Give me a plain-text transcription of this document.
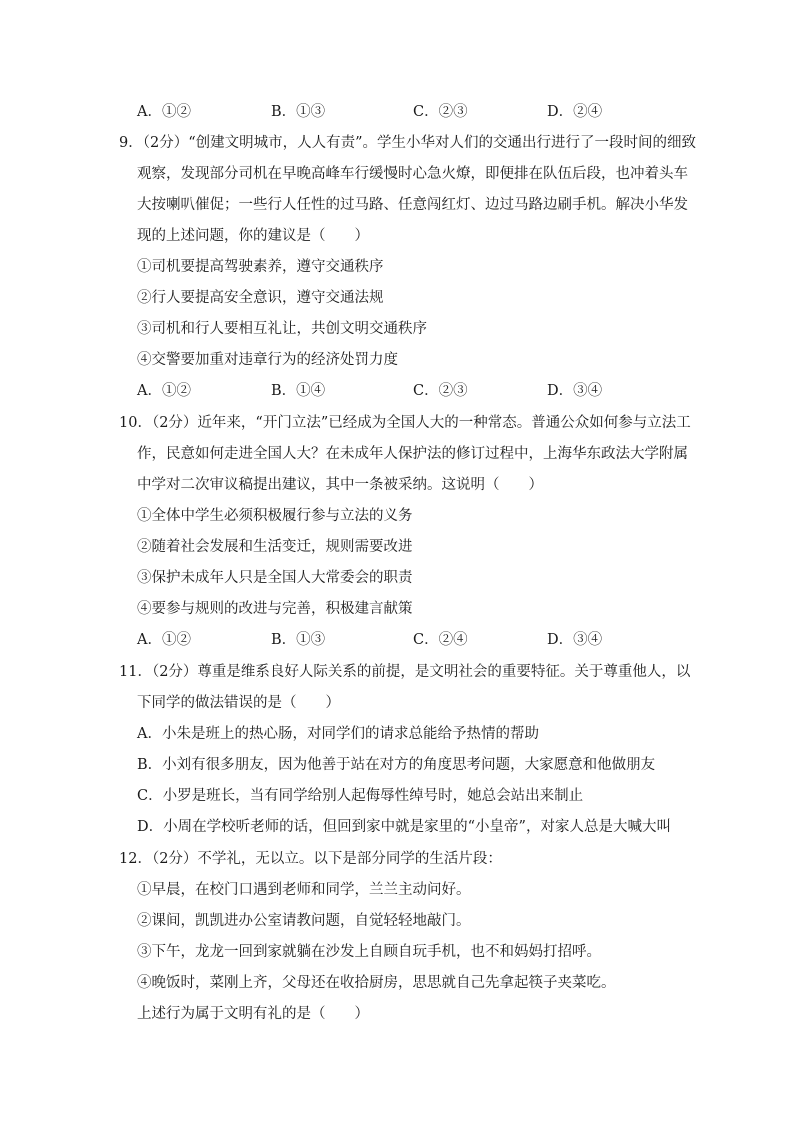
A．①②	B．①③	C．②③	D．②④
9．（2分）“创建文明城市，人人有责”。学生小华对人们的交通出行进行了一段时间的细致
观察，发现部分司机在早晚高峰车行缓慢时心急火燎，即便排在队伍后段，也冲着头车
大按喇叭催促；一些行人任性的过马路、任意闯红灯、边过马路边刷手机。解决小华发
现的上述问题，你的建议是（　　）
①司机要提高驾驶素养，遵守交通秩序
②行人要提高安全意识，遵守交通法规
③司机和行人要相互礼让，共创文明交通秩序
④交警要加重对违章行为的经济处罚力度
A．①②	B．①④	C．②③	D．③④
10．（2分）近年来，“开门立法”已经成为全国人大的一种常态。普通公众如何参与立法工
作，民意如何走进全国人大？在未成年人保护法的修订过程中，上海华东政法大学附属
中学对二次审议稿提出建议，其中一条被采纳。这说明（　　）
①全体中学生必须积极履行参与立法的义务
②随着社会发展和生活变迁，规则需要改进
③保护未成年人只是全国人大常委会的职责
④要参与规则的改进与完善，积极建言献策
A．①②	B．①③	C．②④	D．③④
11．（2分）尊重是维系良好人际关系的前提，是文明社会的重要特征。关于尊重他人，以
下同学的做法错误的是（　　）
A．小朱是班上的热心肠，对同学们的请求总能给予热情的帮助
B．小刘有很多朋友，因为他善于站在对方的角度思考问题，大家愿意和他做朋友
C．小罗是班长，当有同学给别人起侮辱性绰号时，她总会站出来制止
D．小周在学校听老师的话，但回到家中就是家里的“小皇帝”，对家人总是大喊大叫
12．（2分）不学礼，无以立。以下是部分同学的生活片段：
①早晨，在校门口遇到老师和同学，兰兰主动问好。
②课间，凯凯进办公室请教问题，自觉轻轻地敲门。
③下午，龙龙一回到家就躺在沙发上自顾自玩手机，也不和妈妈打招呼。
④晚饭时，菜刚上齐，父母还在收拾厨房，思思就自己先拿起筷子夹菜吃。
上述行为属于文明有礼的是（　　）
